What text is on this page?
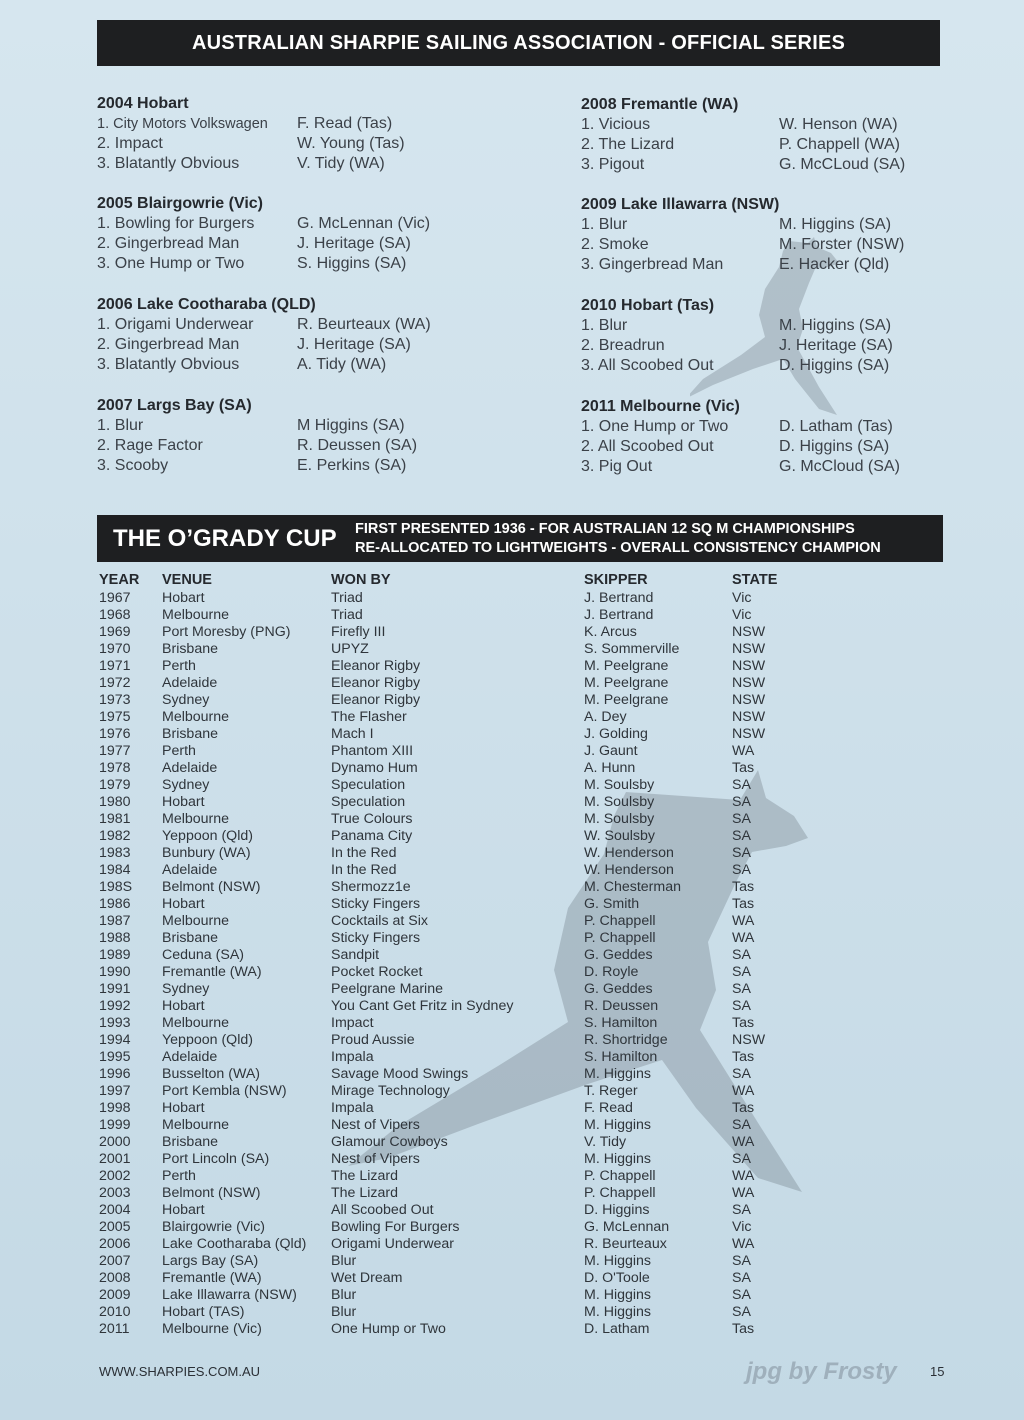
AUSTRALIAN SHARPIE SAILING ASSOCIATION - OFFICIAL SERIES
2004 Hobart
1. City Motors Volkswagen F. Read (Tas)
2. Impact	W. Young (Tas)
3. Blatantly Obvious	V. Tidy (WA)
2005 Blairgowrie (Vic)
1. Bowling for Burgers	G. McLennan (Vic)
2. Gingerbread Man	J. Heritage (SA)
3. One Hump or Two	S. Higgins (SA)
2006 Lake Cootharaba (QLD)
1. Origami Underwear	R. Beurteaux (WA)
2. Gingerbread Man	J. Heritage (SA)
3. Blatantly Obvious	A. Tidy (WA)
2007 Largs Bay (SA)
1. Blur	M Higgins (SA)
2. Rage Factor	R. Deussen (SA)
3. Scooby	E. Perkins (SA)
2008 Fremantle (WA)
1. Vicious	W. Henson (WA)
2. The Lizard	P. Chappell (WA)
3. Pigout	G. McCLoud (SA)
2009 Lake Illawarra (NSW)
1. Blur	M. Higgins (SA)
2. Smoke	M. Forster (NSW)
3. Gingerbread Man	E. Hacker (Qld)
2010 Hobart (Tas)
1. Blur	M. Higgins (SA)
2. Breadrun	J. Heritage (SA)
3. All Scoobed Out	D. Higgins (SA)
2011 Melbourne (Vic)
1. One Hump or Two	D. Latham (Tas)
2. All Scoobed Out	D. Higgins (SA)
3. Pig Out	G. McCloud (SA)
THE O’GRADY CUP FIRST PRESENTED 1936 - FOR AUSTRALIAN 12 SQ M CHAMPIONSHIPS
RE-ALLOCATED TO LIGHTWEIGHTS - OVERALL CONSISTENCY CHAMPION
YEAR VENUE	WON BY	SKIPPER	STATE
1967 Hobart	Triad	J. Bertrand	Vic
1968 Melbourne	Triad	J. Bertrand	Vic
1969 Port Moresby (PNG)	Firefly III	K. Arcus	NSW
1970 Brisbane	UPYZ	S. Sommerville	NSW
1971 Perth	Eleanor Rigby	M. Peelgrane	NSW
1972 Adelaide	Eleanor Rigby	M. Peelgrane	NSW
1973 Sydney	Eleanor Rigby	M. Peelgrane	NSW
1975 Melbourne	The Flasher	A. Dey	NSW
1976 Brisbane	Mach I	J. Golding	NSW
1977 Perth	Phantom XIII	J. Gaunt	WA
1978 Adelaide	Dynamo Hum	A. Hunn	Tas
1979 Sydney	Speculation	M. Soulsby	SA
1980 Hobart	Speculation	M. Soulsby	SA
1981 Melbourne	True Colours	M. Soulsby	SA
1982 Yeppoon (Qld)	Panama City	W. Soulsby	SA
1983 Bunbury (WA)	In the Red	W. Henderson	SA
1984 Adelaide	In the Red	W. Henderson	SA
198S Belmont (NSW)	Shermozz1e	M. Chesterman	Tas
1986 Hobart	Sticky Fingers	G. Smith	Tas
1987 Melbourne	Cocktails at Six	P. Chappell	WA
1988 Brisbane	Sticky Fingers	P. Chappell	WA
1989 Ceduna (SA)	Sandpit	G. Geddes	SA
1990 Fremantle (WA)	Pocket Rocket	D. Royle	SA
1991 Sydney	Peelgrane Marine	G. Geddes	SA
1992 Hobart	You Cant Get Fritz in Sydney	R. Deussen	SA
1993 Melbourne	Impact	S. Hamilton	Tas
1994 Yeppoon (Qld)	Proud Aussie	R. Shortridge	NSW
1995 Adelaide	Impala	S. Hamilton	Tas
1996 Busselton (WA)	Savage Mood Swings	M. Higgins	SA
1997 Port Kembla (NSW)	Mirage Technology	T. Reger	WA
1998 Hobart	Impala	F. Read	Tas
1999 Melbourne	Nest of Vipers	M. Higgins	SA
2000 Brisbane	Glamour Cowboys	V. Tidy	WA
2001 Port Lincoln (SA)	Nest of Vipers	M. Higgins	SA
2002 Perth	The Lizard	P. Chappell	WA
2003 Belmont (NSW)	The Lizard	P. Chappell	WA
2004 Hobart	All Scoobed Out	D. Higgins	SA
2005 Blairgowrie (Vic)	Bowling For Burgers	G. McLennan	Vic
2006 Lake Cootharaba (Qld) Origami Underwear	R. Beurteaux	WA
2007 Largs Bay (SA)	Blur	M. Higgins	SA
2008 Fremantle (WA)	Wet Dream	D. O'Toole	SA
2009 Lake Illawarra (NSW) Blur	M. Higgins	SA
2010 Hobart (TAS)	Blur	M. Higgins	SA
2011 Melbourne (Vic)	One Hump or Two	D. Latham	Tas
WWW.SHARPIES.COM.AU	jpg by Frosty	15
